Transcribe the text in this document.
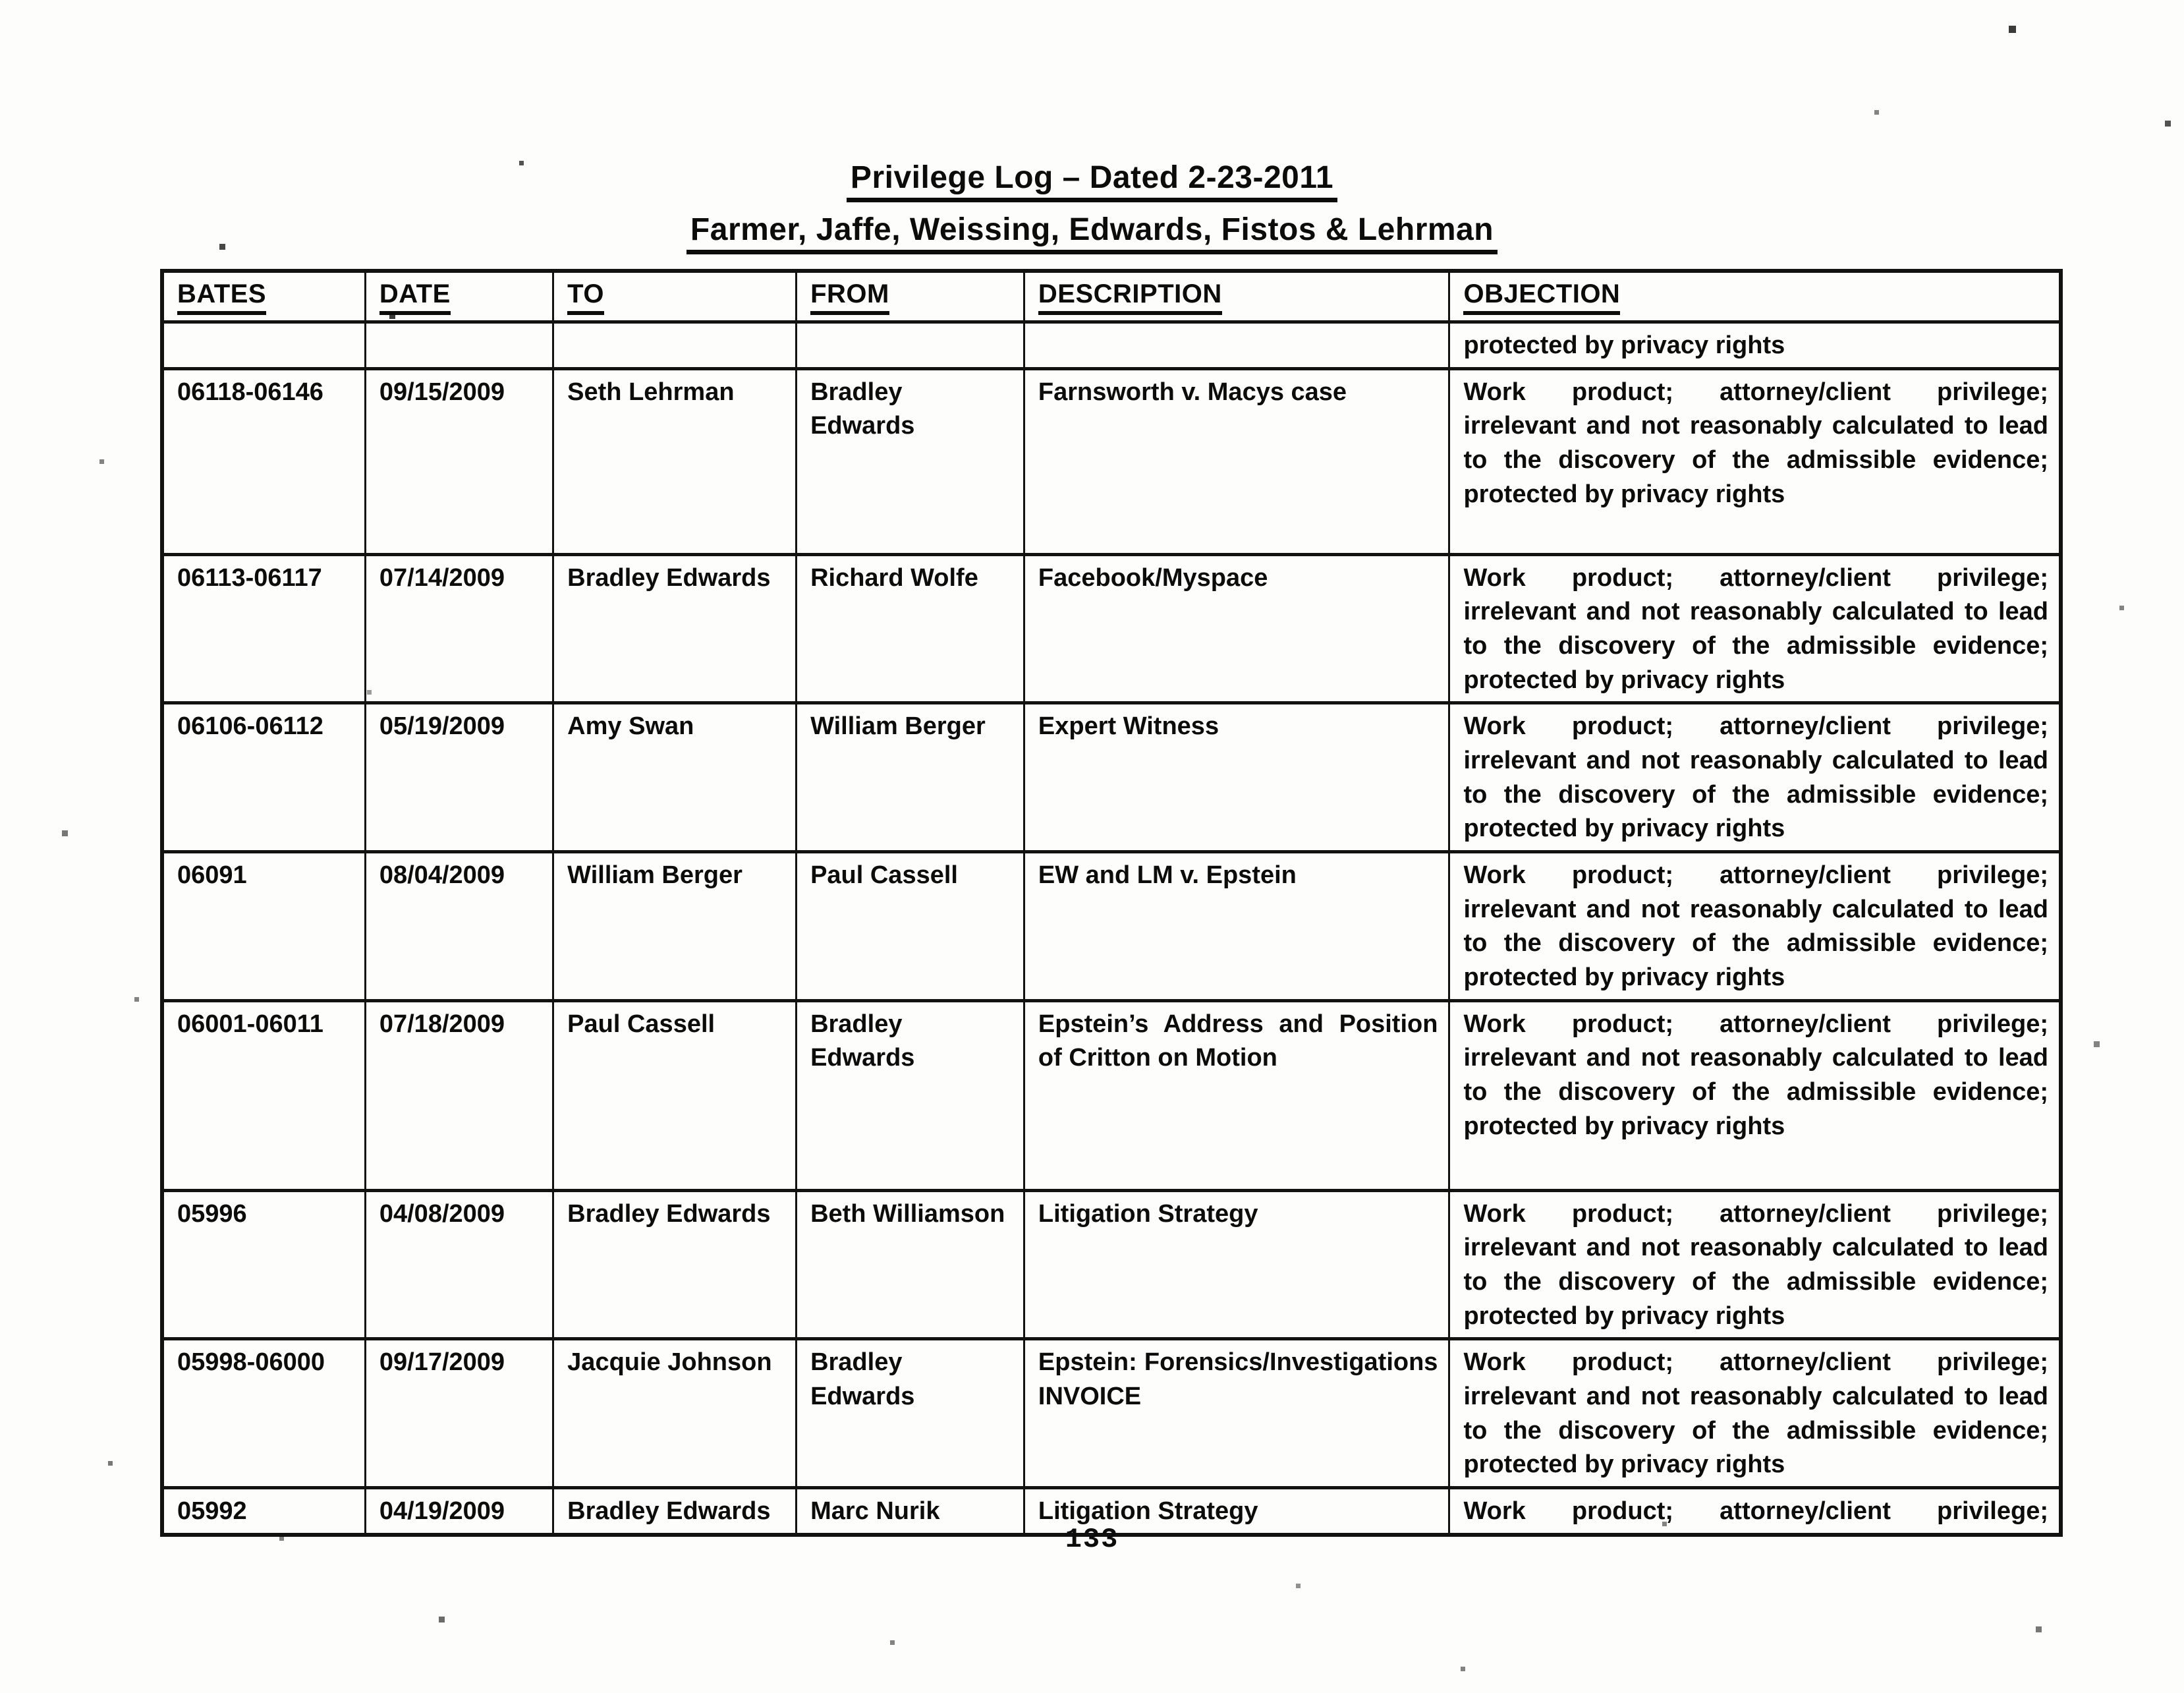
Privilege Log – Dated 2-23-2011
Farmer, Jaffe, Weissing, Edwards, Fistos & Lehrman
BATES	DATE	TO	FROM	DESCRIPTION	OBJECTION
					protected by privacy rights
06118-06146	09/15/2009	Seth Lehrman	Bradley Edwards	Farnsworth v. Macys case	Work product; attorney/client privilege; irrelevant and not reasonably calculated to lead to the discovery of the admissible evidence; protected by privacy rights
06113-06117	07/14/2009	Bradley Edwards	Richard Wolfe	Facebook/Myspace	Work product; attorney/client privilege; irrelevant and not reasonably calculated to lead to the discovery of the admissible evidence; protected by privacy rights
06106-06112	05/19/2009	Amy Swan	William Berger	Expert Witness	Work product; attorney/client privilege; irrelevant and not reasonably calculated to lead to the discovery of the admissible evidence; protected by privacy rights
06091	08/04/2009	William Berger	Paul Cassell	EW and LM v. Epstein	Work product; attorney/client privilege; irrelevant and not reasonably calculated to lead to the discovery of the admissible evidence; protected by privacy rights
06001-06011	07/18/2009	Paul Cassell	Bradley Edwards	Epstein’s Address and Position of Critton on Motion	Work product; attorney/client privilege; irrelevant and not reasonably calculated to lead to the discovery of the admissible evidence; protected by privacy rights
05996	04/08/2009	Bradley Edwards	Beth Williamson	Litigation Strategy	Work product; attorney/client privilege; irrelevant and not reasonably calculated to lead to the discovery of the admissible evidence; protected by privacy rights
05998-06000	09/17/2009	Jacquie Johnson	Bradley Edwards	Epstein: Forensics/Investigations INVOICE	Work product; attorney/client privilege; irrelevant and not reasonably calculated to lead to the discovery of the admissible evidence; protected by privacy rights
05992	04/19/2009	Bradley Edwards	Marc Nurik	Litigation Strategy	Work product; attorney/client privilege;
133
